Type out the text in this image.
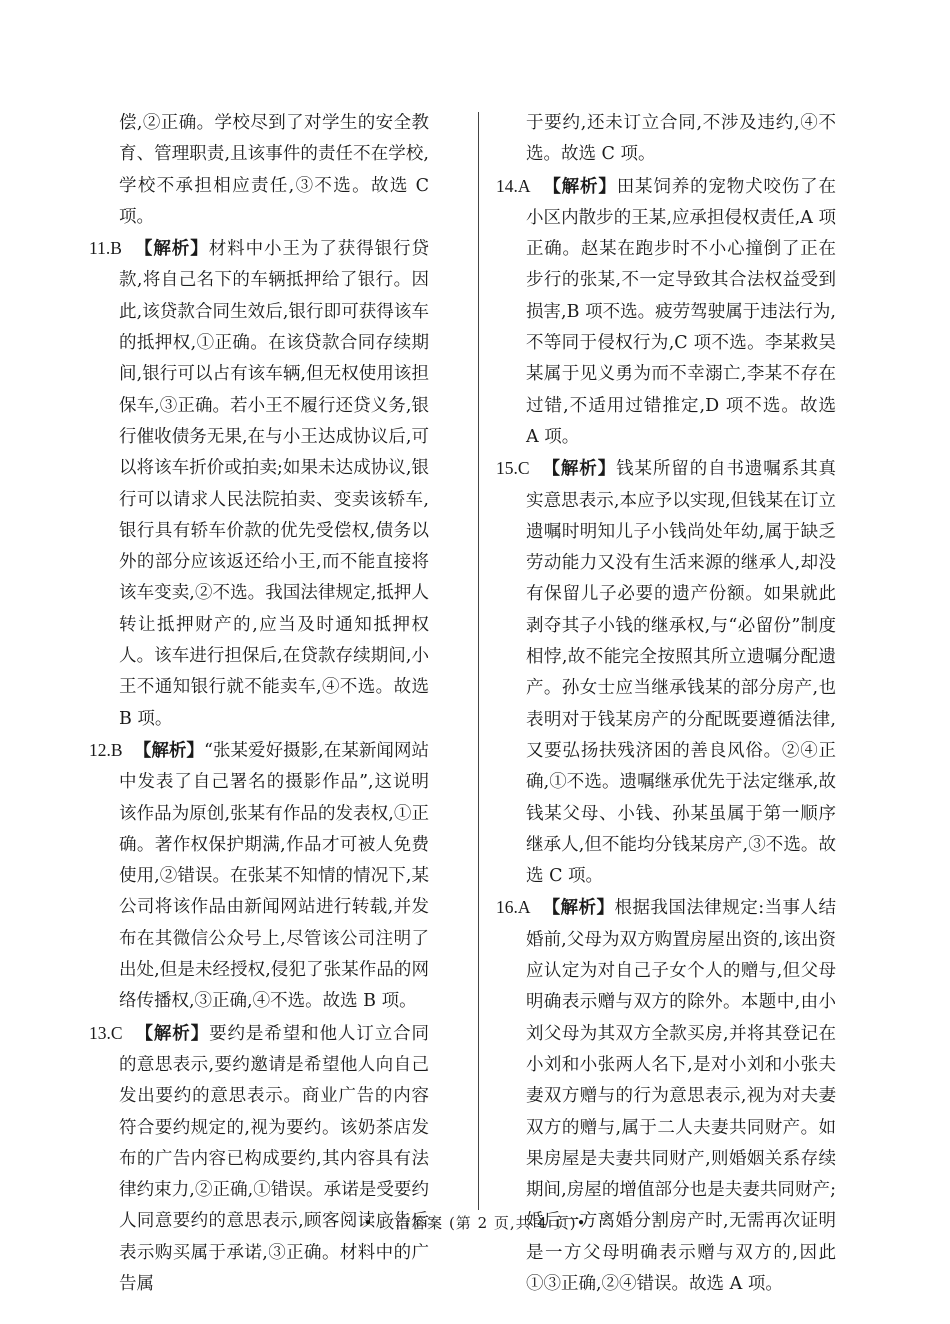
偿,②正确。学校尽到了对学生的安全教育、管理职责,且该事件的责任不在学校,学校不承担相应责任,③不选。故选 C 项。

11.B 【解析】材料中小王为了获得银行贷款,将自己名下的车辆抵押给了银行。因此,该贷款合同生效后,银行即可获得该车的抵押权,①正确。在该贷款合同存续期间,银行可以占有该车辆,但无权使用该担保车,③正确。若小王不履行还贷义务,银行催收债务无果,在与小王达成协议后,可以将该车折价或拍卖;如果未达成协议,银行可以请求人民法院拍卖、变卖该轿车,银行具有轿车价款的优先受偿权,债务以外的部分应该返还给小王,而不能直接将该车变卖,②不选。我国法律规定,抵押人转让抵押财产的,应当及时通知抵押权人。该车进行担保后,在贷款存续期间,小王不通知银行就不能卖车,④不选。故选 B 项。

12.B 【解析】“张某爱好摄影,在某新闻网站中发表了自己署名的摄影作品”,这说明该作品为原创,张某有作品的发表权,①正确。著作权保护期满,作品才可被人免费使用,②错误。在张某不知情的情况下,某公司将该作品由新闻网站进行转载,并发布在其微信公众号上,尽管该公司注明了出处,但是未经授权,侵犯了张某作品的网络传播权,③正确,④不选。故选 B 项。

13.C 【解析】要约是希望和他人订立合同的意思表示,要约邀请是希望他人向自己发出要约的意思表示。商业广告的内容符合要约规定的,视为要约。该奶茶店发布的广告内容已构成要约,其内容具有法律约束力,②正确,①错误。承诺是受要约人同意要约的意思表示,顾客阅读广告后表示购买属于承诺,③正确。材料中的广告属

于要约,还未订立合同,不涉及违约,④不选。故选 C 项。

14.A 【解析】田某饲养的宠物犬咬伤了在小区内散步的王某,应承担侵权责任,A 项正确。赵某在跑步时不小心撞倒了正在步行的张某,不一定导致其合法权益受到损害,B 项不选。疲劳驾驶属于违法行为,不等同于侵权行为,C 项不选。李某救吴某属于见义勇为而不幸溺亡,李某不存在过错,不适用过错推定,D 项不选。故选 A 项。

15.C 【解析】钱某所留的自书遗嘱系其真实意思表示,本应予以实现,但钱某在订立遗嘱时明知儿子小钱尚处年幼,属于缺乏劳动能力又没有生活来源的继承人,却没有保留儿子必要的遗产份额。如果就此剥夺其子小钱的继承权,与“必留份”制度相悖,故不能完全按照其所立遗嘱分配遗产。孙女士应当继承钱某的部分房产,也表明对于钱某房产的分配既要遵循法律,又要弘扬扶残济困的善良风俗。②④正确,①不选。遗嘱继承优先于法定继承,故钱某父母、小钱、孙某虽属于第一顺序继承人,但不能均分钱某房产,③不选。故选 C 项。

16.A 【解析】根据我国法律规定:当事人结婚前,父母为双方购置房屋出资的,该出资应认定为对自己子女个人的赠与,但父母明确表示赠与双方的除外。本题中,由小刘父母为其双方全款买房,并将其登记在小刘和小张两人名下,是对小刘和小张夫妻双方赠与的行为意思表示,视为对夫妻双方的赠与,属于二人夫妻共同财产。如果房屋是夫妻共同财产,则婚姻关系存续期间,房屋的增值部分也是夫妻共同财产;婚后一方离婚分割房产时,无需再次证明是一方父母明确表示赠与双方的,因此①③正确,②④错误。故选 A 项。

• 政治答案 (第 2 页,共 4 页)•
